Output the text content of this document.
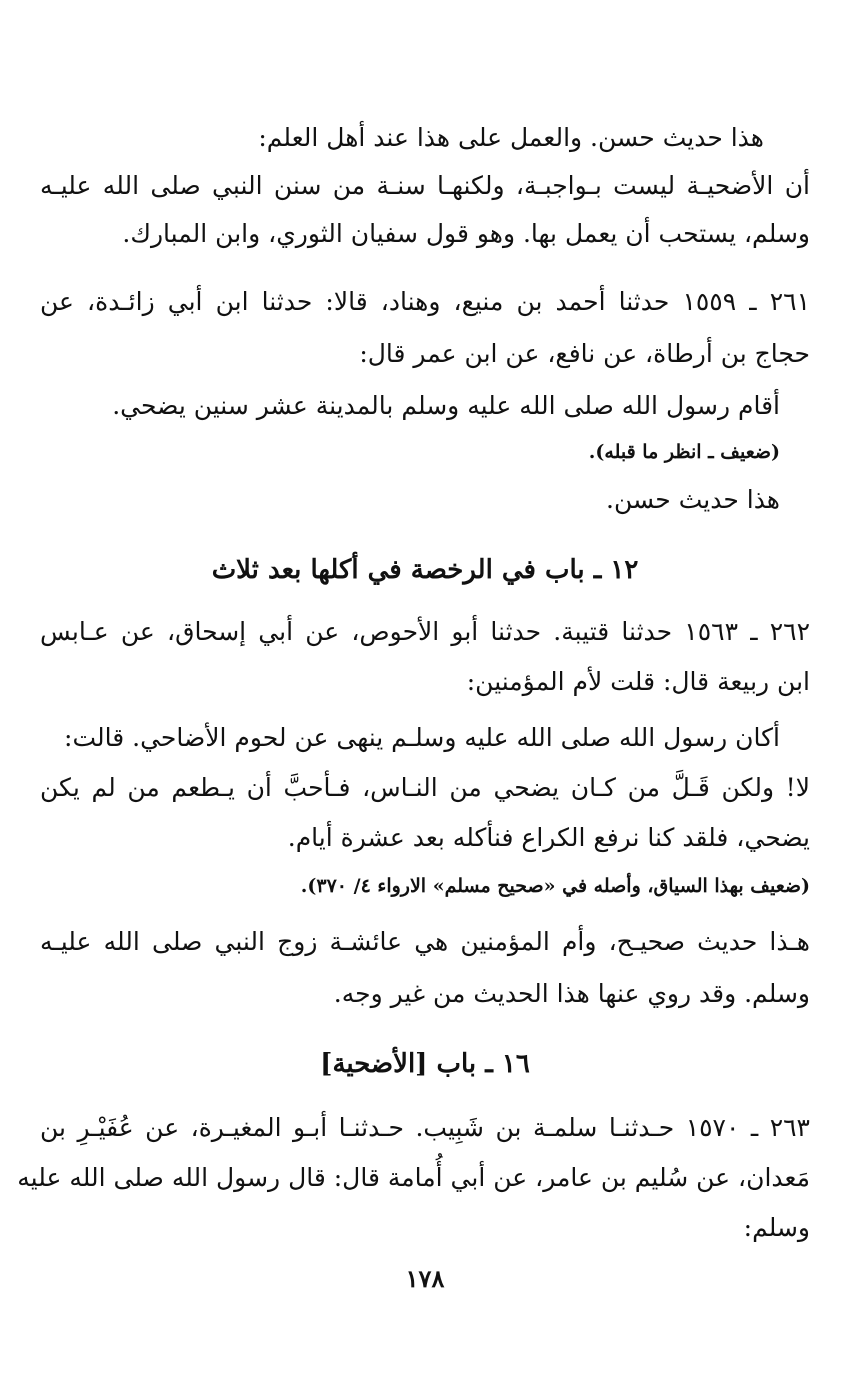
هذا حديث حسن. والعمل على هذا عند أهل العلم:
أن الأضحيـة ليست بـواجبـة، ولكنهـا سنـة من سنن النبي صلى الله عليـه
وسلم، يستحب أن يعمل بها. وهو قول سفيان الثوري، وابن المبارك.
٢٦١ ـ ١٥٥٩ حدثنا أحمد بن منيع، وهناد، قالا: حدثنا ابن أبي زائـدة، عن
حجاج بن أرطاة، عن نافع، عن ابن عمر قال:
أقام رسول الله صلى الله عليه وسلم بالمدينة عشر سنين يضحي.
(ضعيف ـ انظر ما قبله).
هذا حديث حسن.
١٢ ـ باب في الرخصة في أكلها بعد ثلاث
٢٦٢ ـ ١٥٦٣ حدثنا قتيبة. حدثنا أبو الأحوص، عن أبي إسحاق، عن عـابس
ابن ربيعة قال: قلت لأم المؤمنين:
أكان رسول الله صلى الله عليه وسلـم ينهى عن لحوم الأضاحي. قالت:
لا! ولكن قَـلَّ من كـان يضحي من النـاس، فـأحبَّ أن يـطعم من لم يكن
يضحي، فلقد كنا نرفع الكراع فنأكله بعد عشرة أيام.
(ضعيف بهذا السياق، وأصله في «صحيح مسلم» الارواء ٤/ ٣٧٠).
هـذا حديث صحيـح، وأم المؤمنين هي عائشـة زوج النبي صلى الله عليـه
وسلم. وقد روي عنها هذا الحديث من غير وجه.
١٦ ـ باب [الأضحية]
٢٦٣ ـ ١٥٧٠ حـدثنـا سلمـة بن شَبِيب. حـدثنـا أبـو المغيـرة، عن عُفَيْـرِ بن
مَعدان، عن سُليم بن عامر، عن أبي أُمامة قال: قال رسول الله صلى الله عليه
وسلم:
١٧٨
